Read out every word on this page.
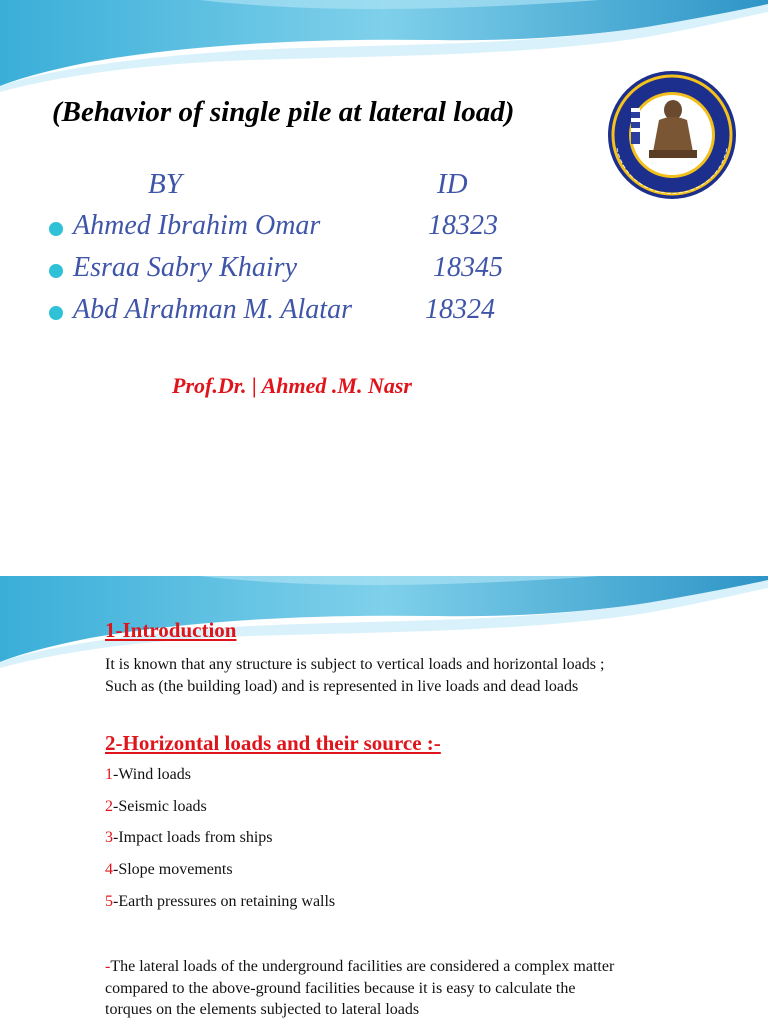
(Behavior of single pile at lateral load)
BY	ID
Ahmed Ibrahim Omar	18323
Esraa Sabry Khairy	18345
Abd Alrahman M. Alatar	18324
Prof.Dr. | Ahmed .M. Nasr
1-Introduction
It is known that any structure is subject to vertical loads and horizontal loads ; Such as (the building load) and is represented in live loads and dead loads
2-Horizontal loads and their source :-
1-Wind loads
2-Seismic loads
3-Impact loads from ships
4-Slope movements
5-Earth pressures on retaining walls
-The lateral loads of the underground facilities are considered a complex matter compared to the above-ground facilities because it is easy to calculate the torques on the elements subjected to lateral loads
